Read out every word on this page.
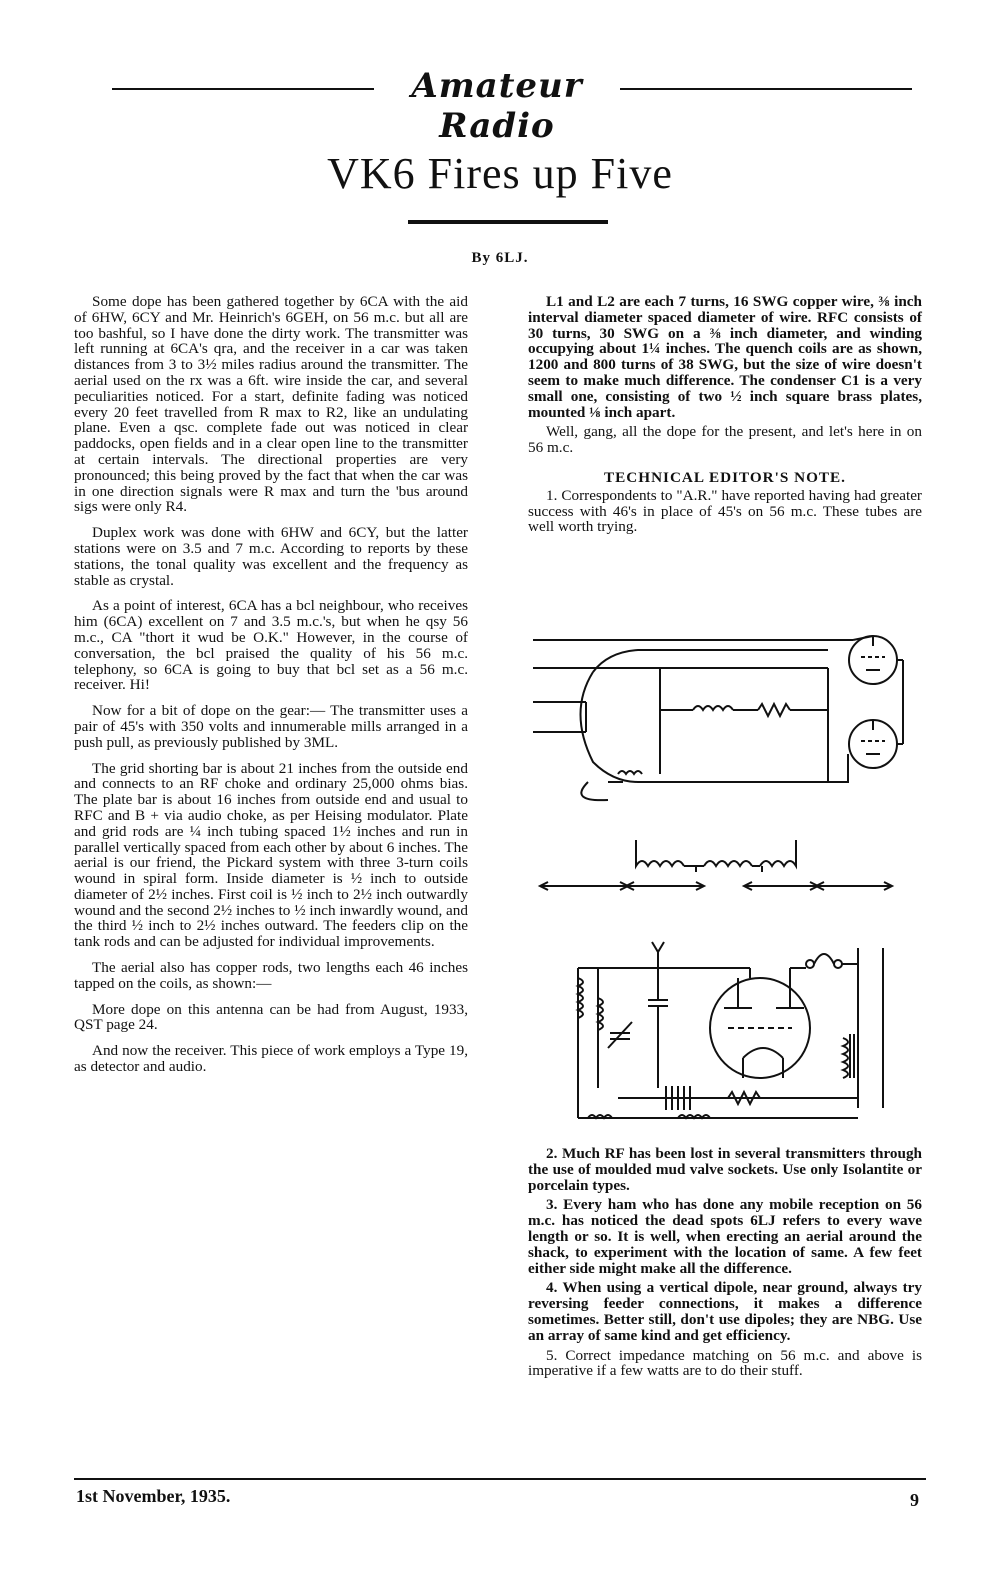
Amateur Radio
VK6 Fires up Five
By 6LJ.

Some dope has been gathered together by 6CA with the aid of 6HW, 6CY and Mr. Heinrich's 6GEH, on 56 m.c. but all are too bashful, so I have done the dirty work. The transmitter was left running at 6CA's qra, and the receiver in a car was taken distances from 3 to 3½ miles radius around the transmitter. The aerial used on the rx was a 6ft. wire inside the car, and several peculiarities noticed. For a start, definite fading was noticed every 20 feet travelled from R max to R2, like an undulating plane. Even a qsc. complete fade out was noticed in clear paddocks, open fields and in a clear open line to the transmitter at certain intervals. The directional properties are very pronounced; this being proved by the fact that when the car was in one direction signals were R max and turn the 'bus around sigs were only R4.

Duplex work was done with 6HW and 6CY, but the latter stations were on 3.5 and 7 m.c. According to reports by these stations, the tonal quality was excellent and the frequency as stable as crystal.

As a point of interest, 6CA has a bcl neighbour, who receives him (6CA) excellent on 7 and 3.5 m.c.'s, but when he qsy 56 m.c., CA "thort it wud be O.K." However, in the course of conversation, the bcl praised the quality of his 56 m.c. telephony, so 6CA is going to buy that bcl set as a 56 m.c. receiver. Hi!

Now for a bit of dope on the gear:— The transmitter uses a pair of 45's with 350 volts and innumerable mills arranged in a push pull, as previously published by 3ML.

The grid shorting bar is about 21 inches from the outside end and connects to an RF choke and ordinary 25,000 ohms bias. The plate bar is about 16 inches from outside end and usual to RFC and B + via audio choke, as per Heising modulator. Plate and grid rods are ¼ inch tubing spaced 1½ inches and run in parallel vertically spaced from each other by about 6 inches. The aerial is our friend, the Pickard system with three 3-turn coils wound in spiral form. Inside diameter is ½ inch to outside diameter of 2½ inches. First coil is ½ inch to 2½ inch outwardly wound and the second 2½ inches to ½ inch inwardly wound, and the third ½ inch to 2½ inches outward. The feeders clip on the tank rods and can be adjusted for individual improvements.

The aerial also has copper rods, two lengths each 46 inches tapped on the coils, as shown:—

More dope on this antenna can be had from August, 1933, QST page 24.

And now the receiver. This piece of work employs a Type 19, as detector and audio.

L1 and L2 are each 7 turns, 16 SWG copper wire, ⅜ inch interval diameter spaced diameter of wire. RFC consists of 30 turns, 30 SWG on a ⅜ inch diameter, and winding occupying about 1¼ inches. The quench coils are as shown, 1200 and 800 turns of 38 SWG, but the size of wire doesn't seem to make much difference. The condenser C1 is a very small one, consisting of two ½ inch square brass plates, mounted ⅛ inch apart.

Well, gang, all the dope for the present, and let's here in on 56 m.c.

TECHNICAL EDITOR'S NOTE.

1. Correspondents to "A.R." have reported having had greater success with 46's in place of 45's on 56 m.c. These tubes are well worth trying.

2. Much RF has been lost in several transmitters through the use of moulded mud valve sockets. Use only Isolantite or porcelain types.

3. Every ham who has done any mobile reception on 56 m.c. has noticed the dead spots 6LJ refers to every wave length or so. It is well, when erecting an aerial around the shack, to experiment with the location of same. A few feet either side might make all the difference.

4. When using a vertical dipole, near ground, always try reversing feeder connections, it makes a difference sometimes. Better still, don't use dipoles; they are NBG. Use an array of same kind and get efficiency.

5. Correct impedance matching on 56 m.c. and above is imperative if a few watts are to do their stuff.

1st November, 1935.	9
